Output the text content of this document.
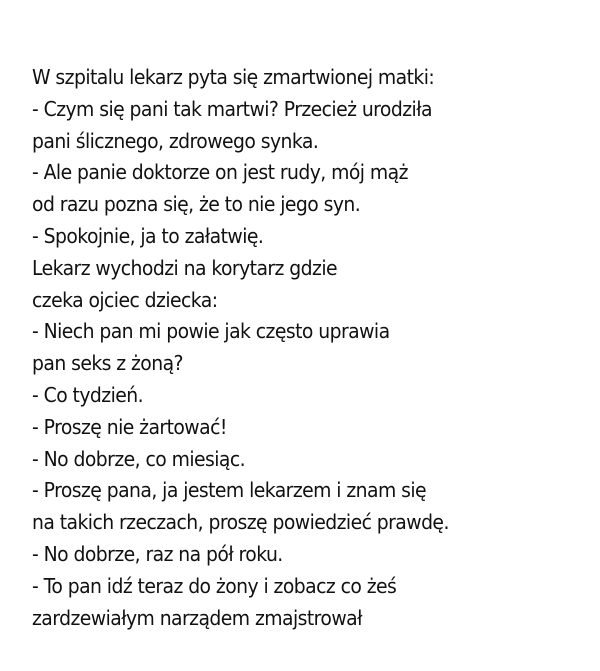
W szpitalu lekarz pyta się zmartwionej matki:
- Czym się pani tak martwi? Przecież urodziła
pani ślicznego, zdrowego synka.
- Ale panie doktorze on jest rudy, mój mąż
od razu pozna się, że to nie jego syn.
- Spokojnie, ja to załatwię.
Lekarz wychodzi na korytarz gdzie
czeka ojciec dziecka:
- Niech pan mi powie jak często uprawia
pan seks z żoną?
- Co tydzień.
- Proszę nie żartować!
- No dobrze, co miesiąc.
- Proszę pana, ja jestem lekarzem i znam się
na takich rzeczach, proszę powiedzieć prawdę.
- No dobrze, raz na pół roku.
- To pan idź teraz do żony i zobacz co żeś
zardzewiałym narządem zmajstrował
